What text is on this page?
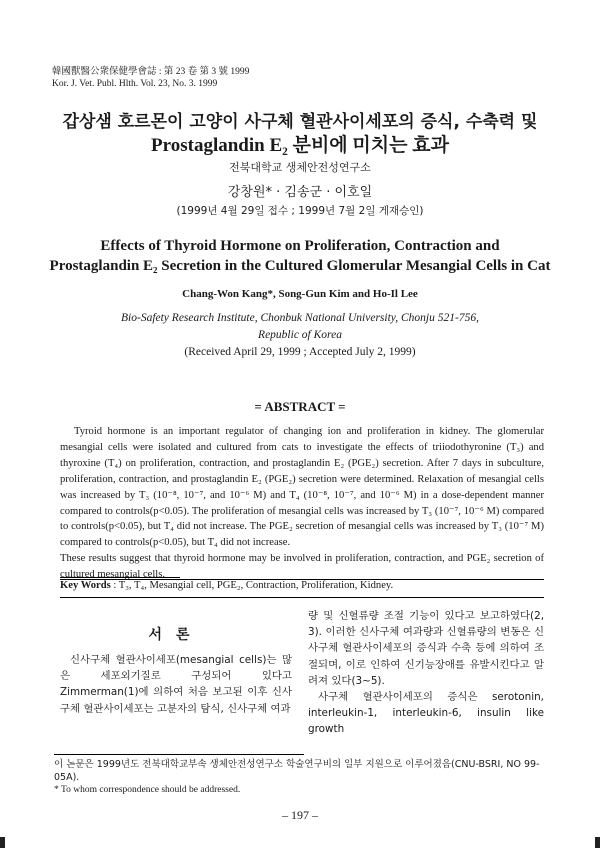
韓國獸醫公衆保健學會誌 : 第 23 卷 第 3 號 1999
Kor. J. Vet. Publ. Hlth. Vol. 23, No. 3. 1999
갑상샘 호르몬이 고양이 사구체 혈관사이세포의 증식, 수축력 및
Prostaglandin E₂ 분비에 미치는 효과
전북대학교 생체안전성연구소
강창원* · 김송군 · 이호일
(1999년 4월 29일 접수 ; 1999년 7월 2일 게재승인)
Effects of Thyroid Hormone on Proliferation, Contraction and
Prostaglandin E₂ Secretion in the Cultured Glomerular Mesangial Cells in Cat
Chang-Won Kang*, Song-Gun Kim and Ho-Il Lee
Bio-Safety Research Institute, Chonbuk National University, Chonju 521-756,
Republic of Korea
(Received April 29, 1999 ; Accepted July 2, 1999)
= ABSTRACT =

Tyroid hormone is an important regulator of changing ion and proliferation in kidney. The glomerular mesangial cells were isolated and cultured from cats to investigate the effects of triiodothyronine (T₃) and thyroxine (T₄) on proliferation, contraction, and prostaglandin E₂ (PGE₂) secretion. After 7 days in subculture, proliferation, contraction, and prostaglandin E₂ (PGE₂) secretion were determined. Relaxation of mesangial cells was increased by T₃ (10⁻⁸, 10⁻⁷, and 10⁻⁶ M) and T₄ (10⁻⁸, 10⁻⁷, and 10⁻⁶ M) in a dose-dependent manner compared to controls(p<0.05). The proliferation of mesangial cells was increased by T₃ (10⁻⁷, 10⁻⁶ M) compared to controls(p<0.05), but T₄ did not increase. The PGE₂ secretion of mesangial cells was increased by T₃ (10⁻⁷ M) compared to controls(p<0.05), but T₄ did not increase.

These results suggest that thyroid hormone may be involved in proliferation, contraction, and PGE₂ secretion of cultured mesangial cells.

Key Words : T₃, T₄, Mesangial cell, PGE₂, Contraction, Proliferation, Kidney.
서론

신사구체 혈관사이세포(mesangial cells)는 많은 세포외기질로 구성되어 있다고 Zimmerman(1)에 의하여 처음 보고된 이후 신사구체 혈관사이세포는 고분자의 탐식, 신사구체 여과

량 및 신혈류량 조절 기능이 있다고 보고하였다(2, 3). 이러한 신사구체 여과량과 신혈류량의 변동은 신사구체 혈관사이세포의 증식과 수축 등에 의하여 조절되며, 이로 인하여 신기능장애를 유발시킨다고 알려져 있다(3~5).

사구체 혈관사이세포의 증식은 serotonin, interleukin-1, interleukin-6, insulin like growth

이 논문은 1999년도 전북대학교부속 생체안전성연구소 학술연구비의 일부 지원으로 이루어졌음(CNU-BSRI, NO 99-05A).
* To whom correspondence should be addressed.
– 197 –
